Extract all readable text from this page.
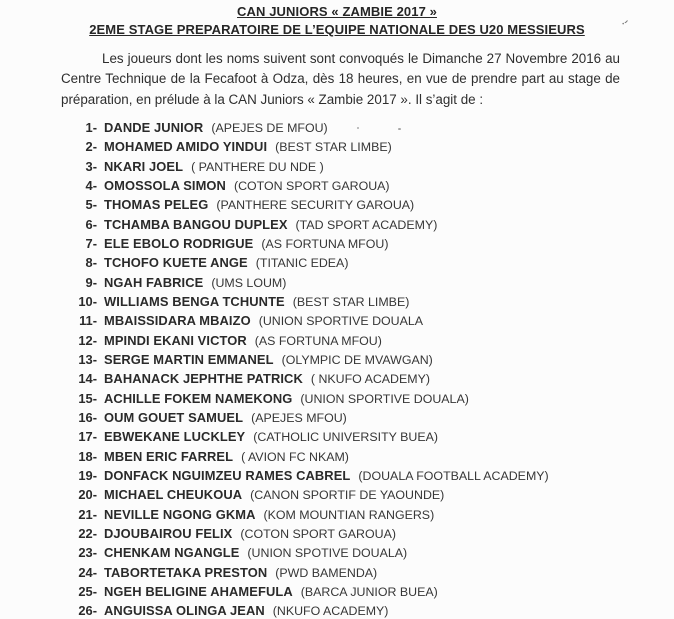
CAN JUNIORS « ZAMBIE 2017 »
2EME STAGE PREPARATOIRE DE L’EQUIPE NATIONALE DES U20 MESSIEURS

Les joueurs dont les noms suivent sont convoqués le Dimanche 27 Novembre 2016 au Centre Technique de la Fecafoot à Odza, dès 18 heures, en vue de prendre part au stage de préparation, en prélude à la CAN Juniors « Zambie 2017 ». Il s’agit de :

1- DANDE JUNIOR (APEJES DE MFOU)
2- MOHAMED AMIDO YINDUI (BEST STAR LIMBE)
3- NKARI JOEL ( PANTHERE DU NDE )
4- OMOSSOLA SIMON (COTON SPORT GAROUA)
5- THOMAS PELEG (PANTHERE SECURITY GAROUA)
6- TCHAMBA BANGOU DUPLEX (TAD SPORT ACADEMY)
7- ELE EBOLO RODRIGUE (AS FORTUNA MFOU)
8- TCHOFO KUETE ANGE (TITANIC EDEA)
9- NGAH FABRICE (UMS LOUM)
10- WILLIAMS BENGA TCHUNTE (BEST STAR LIMBE)
11- MBAISSIDARA MBAIZO (UNION SPORTIVE DOUALA
12- MPINDI EKANI VICTOR (AS FORTUNA MFOU)
13- SERGE MARTIN EMMANEL (OLYMPIC DE MVAWGAN)
14- BAHANACK JEPHTHE PATRICK ( NKUFO ACADEMY)
15- ACHILLE FOKEM NAMEKONG (UNION SPORTIVE DOUALA)
16- OUM GOUET SAMUEL (APEJES MFOU)
17- EBWEKANE LUCKLEY (CATHOLIC UNIVERSITY BUEA)
18- MBEN ERIC FARREL ( AVION FC NKAM)
19- DONFACK NGUIMZEU RAMES CABREL (DOUALA FOOTBALL ACADEMY)
20- MICHAEL CHEUKOUA (CANON SPORTIF DE YAOUNDE)
21- NEVILLE NGONG GKMA (KOM MOUNTIAN RANGERS)
22- DJOUBAIROU FELIX (COTON SPORT GAROUA)
23- CHENKAM NGANGLE (UNION SPOTIVE DOUALA)
24- TABORTETAKA PRESTON (PWD BAMENDA)
25- NGEH BELIGINE AHAMEFULA (BARCA JUNIOR BUEA)
26- ANGUISSA OLINGA JEAN (NKUFO ACADEMY)
